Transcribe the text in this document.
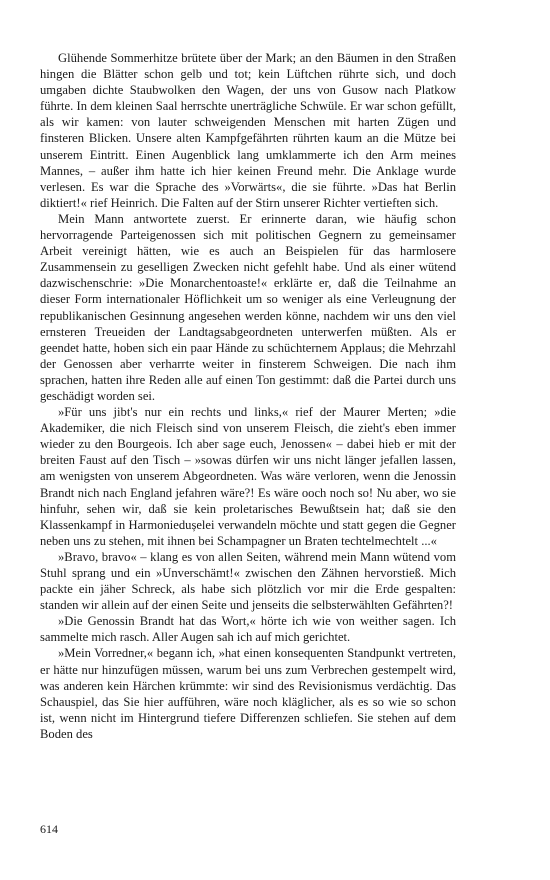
Glühende Sommerhitze brütete über der Mark; an den Bäumen in den Straßen hingen die Blätter schon gelb und tot; kein Lüftchen rührte sich, und doch umgaben dichte Staubwolken den Wagen, der uns von Gusow nach Platkow führte. In dem kleinen Saal herrschte unerträgliche Schwüle. Er war schon gefüllt, als wir kamen: von lauter schweigenden Menschen mit harten Zügen und finsteren Blicken. Unsere alten Kampfgefährten rührten kaum an die Mütze bei unserem Eintritt. Einen Augenblick lang umklammerte ich den Arm meines Mannes, – außer ihm hatte ich hier keinen Freund mehr. Die Anklage wurde verlesen. Es war die Sprache des »Vorwärts«, die sie führte. »Das hat Berlin diktiert!« rief Heinrich. Die Falten auf der Stirn unserer Richter vertieften sich.

Mein Mann antwortete zuerst. Er erinnerte daran, wie häufig schon hervorragende Parteigenossen sich mit politischen Gegnern zu gemeinsamer Arbeit vereinigt hätten, wie es auch an Beispielen für das harmlosere Zusammensein zu geselligen Zwecken nicht gefehlt habe. Und als einer wütend dazwischenschrie: »Die Monarchentoaste!« erklärte er, daß die Teilnahme an dieser Form internationaler Höflichkeit um so weniger als eine Verleugnung der republikanischen Gesinnung angesehen werden könne, nachdem wir uns den viel ernsteren Treueiden der Landtagsabgeordneten unterwerfen müßten. Als er geendet hatte, hoben sich ein paar Hände zu schüchternem Applaus; die Mehrzahl der Genossen aber verharrte weiter in finsterem Schweigen. Die nach ihm sprachen, hatten ihre Reden alle auf einen Ton gestimmt: daß die Partei durch uns geschädigt worden sei.

»Für uns jibt's nur ein rechts und links,« rief der Maurer Merten; »die Akademiker, die nich Fleisch sind von unserem Fleisch, die zieht's eben immer wieder zu den Bourgeois. Ich aber sage euch, Jenossen« – dabei hieb er mit der breiten Faust auf den Tisch – »sowas dürfen wir uns nicht länger jefallen lassen, am wenigsten von unserem Abgeordneten. Was wäre verloren, wenn die Jenossin Brandt nich nach England jefahren wäre?! Es wäre ooch noch so! Nu aber, wo sie hinfuhr, sehen wir, daß sie kein proletarisches Bewußtsein hat; daß sie den Klassenkampf in Harmoniedușelei verwandeln möchte und statt gegen die Gegner neben uns zu stehen, mit ihnen bei Schampagner un Braten techtelmechtelt ...«

»Bravo, bravo« – klang es von allen Seiten, während mein Mann wütend vom Stuhl sprang und ein »Unverschämt!« zwischen den Zähnen hervorstieß. Mich packte ein jäher Schreck, als habe sich plötzlich vor mir die Erde gespalten: standen wir allein auf der einen Seite und jenseits die selbsterwählten Gefährten?!

»Die Genossin Brandt hat das Wort,« hörte ich wie von weither sagen. Ich sammelte mich rasch. Aller Augen sah ich auf mich gerichtet.

»Mein Vorredner,« begann ich, »hat einen konsequenten Standpunkt vertreten, er hätte nur hinzufügen müssen, warum bei uns zum Verbrechen gestempelt wird, was anderen kein Härchen krümmte: wir sind des Revisionismus verdächtig. Das Schauspiel, das Sie hier aufführen, wäre noch kläglicher, als es so wie so schon ist, wenn nicht im Hintergrund tiefere Differenzen schliefen. Sie stehen auf dem Boden des

614
